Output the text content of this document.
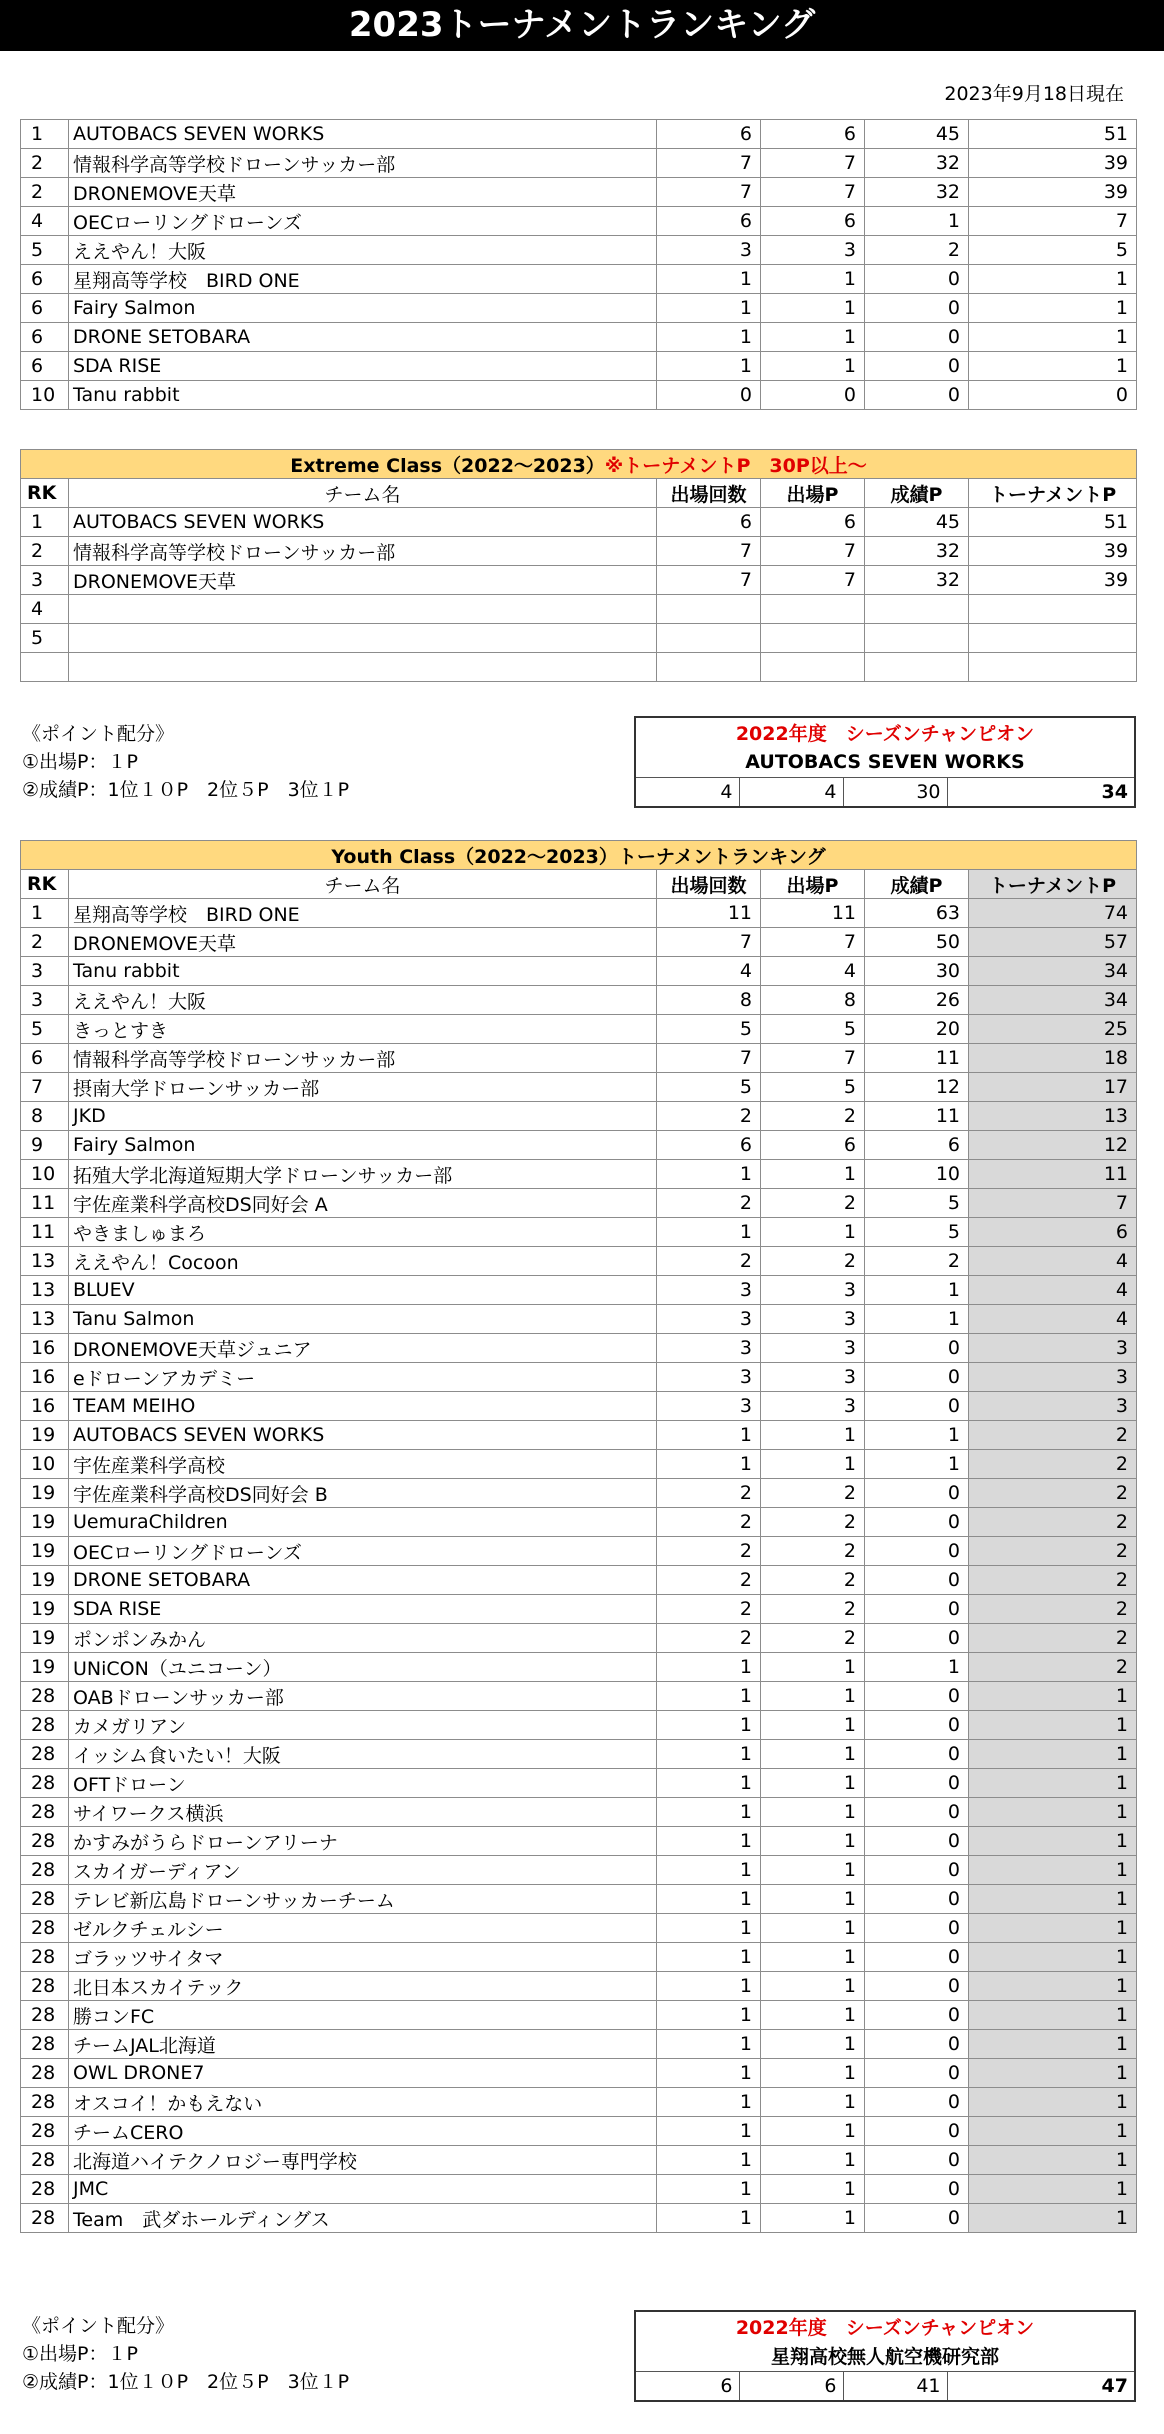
2023トーナメントランキング
2023年9月18日現在
1	AUTOBACS SEVEN WORKS	6	6	45	51
2	情報科学高等学校ドローンサッカー部	7	7	32	39
2	DRONEMOVE天草	7	7	32	39
4	OECローリングドローンズ	6	6	1	7
5	ええやん！大阪	3	3	2	5
6	星翔高等学校　BIRD ONE	1	1	0	1
6	Fairy Salmon	1	1	0	1
6	DRONE SETOBARA	1	1	0	1
6	SDA RISE	1	1	0	1
10	Tanu rabbit	0	0	0	0
Extreme Class（2022～2023）※トーナメントP　30P以上～					
RK	チーム名	出場回数	出場P	成績P	トーナメントP
1	AUTOBACS SEVEN WORKS	6	6	45	51
2	情報科学高等学校ドローンサッカー部	7	7	32	39
3	DRONEMOVE天草	7	7	32	39
4					
5					

《ポイント配分》
①出場P：１P
②成績P：1位１０P　2位５P　3位１P
2022年度　シーズンチャンピオン
AUTOBACS SEVEN WORKS
4	4	30	34
Youth Class（2022～2023）トーナメントランキング					
RK	チーム名	出場回数	出場P	成績P	トーナメントP
1	星翔高等学校　BIRD ONE	11	11	63	74
2	DRONEMOVE天草	7	7	50	57
3	Tanu rabbit	4	4	30	34
3	ええやん！大阪	8	8	26	34
5	きっとすき	5	5	20	25
6	情報科学高等学校ドローンサッカー部	7	7	11	18
7	摂南大学ドローンサッカー部	5	5	12	17
8	JKD	2	2	11	13
9	Fairy Salmon	6	6	6	12
10	拓殖大学北海道短期大学ドローンサッカー部	1	1	10	11
11	宇佐産業科学高校DS同好会 A	2	2	5	7
11	やきましゅまろ	1	1	5	6
13	ええやん！Cocoon	2	2	2	4
13	BLUEV	3	3	1	4
13	Tanu Salmon	3	3	1	4
16	DRONEMOVE天草ジュニア	3	3	0	3
16	eドローンアカデミー	3	3	0	3
16	TEAM MEIHO	3	3	0	3
19	AUTOBACS SEVEN WORKS	1	1	1	2
10	宇佐産業科学高校	1	1	1	2
19	宇佐産業科学高校DS同好会 B	2	2	0	2
19	UemuraChildren	2	2	0	2
19	OECローリングドローンズ	2	2	0	2
19	DRONE SETOBARA	2	2	0	2
19	SDA RISE	2	2	0	2
19	ポンポンみかん	2	2	0	2
19	UNiCON（ユニコーン）	1	1	1	2
28	OABドローンサッカー部	1	1	0	1
28	カメガリアン	1	1	0	1
28	イッシム食いたい！大阪	1	1	0	1
28	OFTドローン	1	1	0	1
28	サイワークス横浜	1	1	0	1
28	かすみがうらドローンアリーナ	1	1	0	1
28	スカイガーディアン	1	1	0	1
28	テレビ新広島ドローンサッカーチーム	1	1	0	1
28	ゼルクチェルシー	1	1	0	1
28	ゴラッツサイタマ	1	1	0	1
28	北日本スカイテック	1	1	0	1
28	勝コンFC	1	1	0	1
28	チームJAL北海道	1	1	0	1
28	OWL DRONE7	1	1	0	1
28	オスコイ！かもえない	1	1	0	1
28	チームCERO	1	1	0	1
28	北海道ハイテクノロジー専門学校	1	1	0	1
28	JMC	1	1	0	1
28	Team　武ダホールディングス	1	1	0	1
《ポイント配分》
①出場P：１P
②成績P：1位１０P　2位５P　3位１P
2022年度　シーズンチャンピオン
星翔高校無人航空機研究部
6	6	41	47
